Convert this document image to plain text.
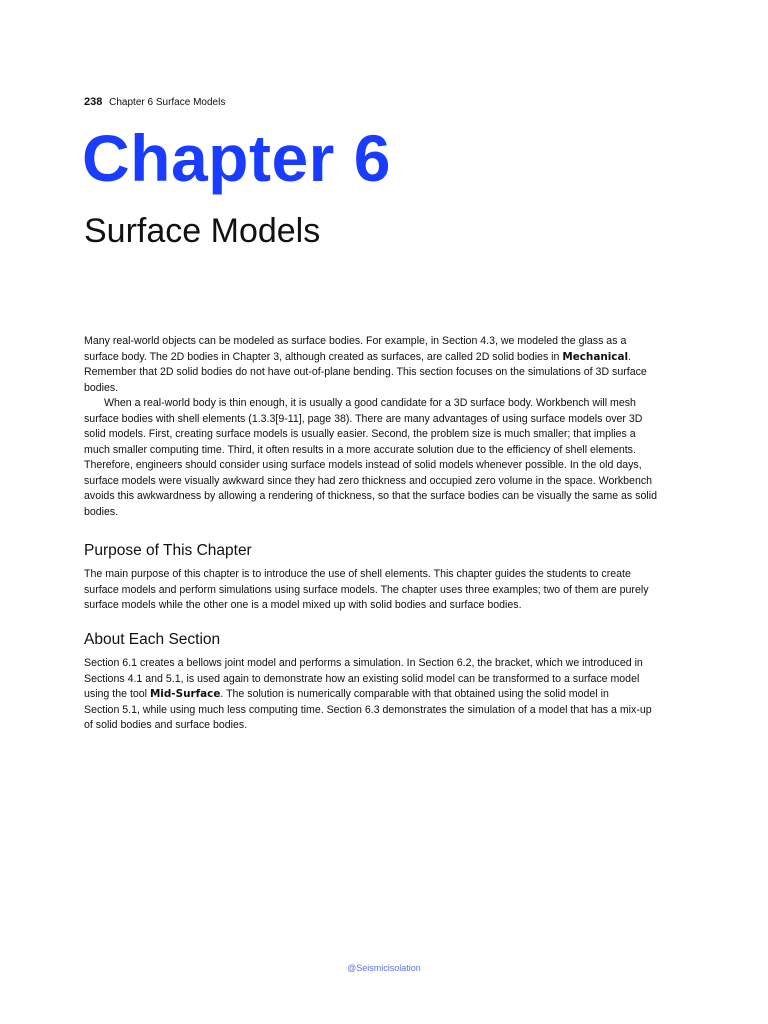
238 Chapter 6 Surface Models
Chapter 6
Surface Models

Many real-world objects can be modeled as surface bodies. For example, in Section 4.3, we modeled the glass as a
surface body. The 2D bodies in Chapter 3, although created as surfaces, are called 2D solid bodies in Mechanical.
Remember that 2D solid bodies do not have out-of-plane bending. This section focuses on the simulations of 3D surface
bodies.

When a real-world body is thin enough, it is usually a good candidate for a 3D surface body. Workbench will mesh
surface bodies with shell elements (1.3.3[9-11], page 38). There are many advantages of using surface models over 3D
solid models. First, creating surface models is usually easier. Second, the problem size is much smaller; that implies a
much smaller computing time. Third, it often results in a more accurate solution due to the efficiency of shell elements.
Therefore, engineers should consider using surface models instead of solid models whenever possible. In the old days,
surface models were visually awkward since they had zero thickness and occupied zero volume in the space. Workbench
avoids this awkwardness by allowing a rendering of thickness, so that the surface bodies can be visually the same as solid
bodies.

Purpose of This Chapter

The main purpose of this chapter is to introduce the use of shell elements. This chapter guides the students to create
surface models and perform simulations using surface models. The chapter uses three examples; two of them are purely
surface models while the other one is a model mixed up with solid bodies and surface bodies.

About Each Section

Section 6.1 creates a bellows joint model and performs a simulation. In Section 6.2, the bracket, which we introduced in
Sections 4.1 and 5.1, is used again to demonstrate how an existing solid model can be transformed to a surface model
using the tool Mid-Surface. The solution is numerically comparable with that obtained using the solid model in
Section 5.1, while using much less computing time. Section 6.3 demonstrates the simulation of a model that has a mix-up
of solid bodies and surface bodies.

@Seismicisolation
